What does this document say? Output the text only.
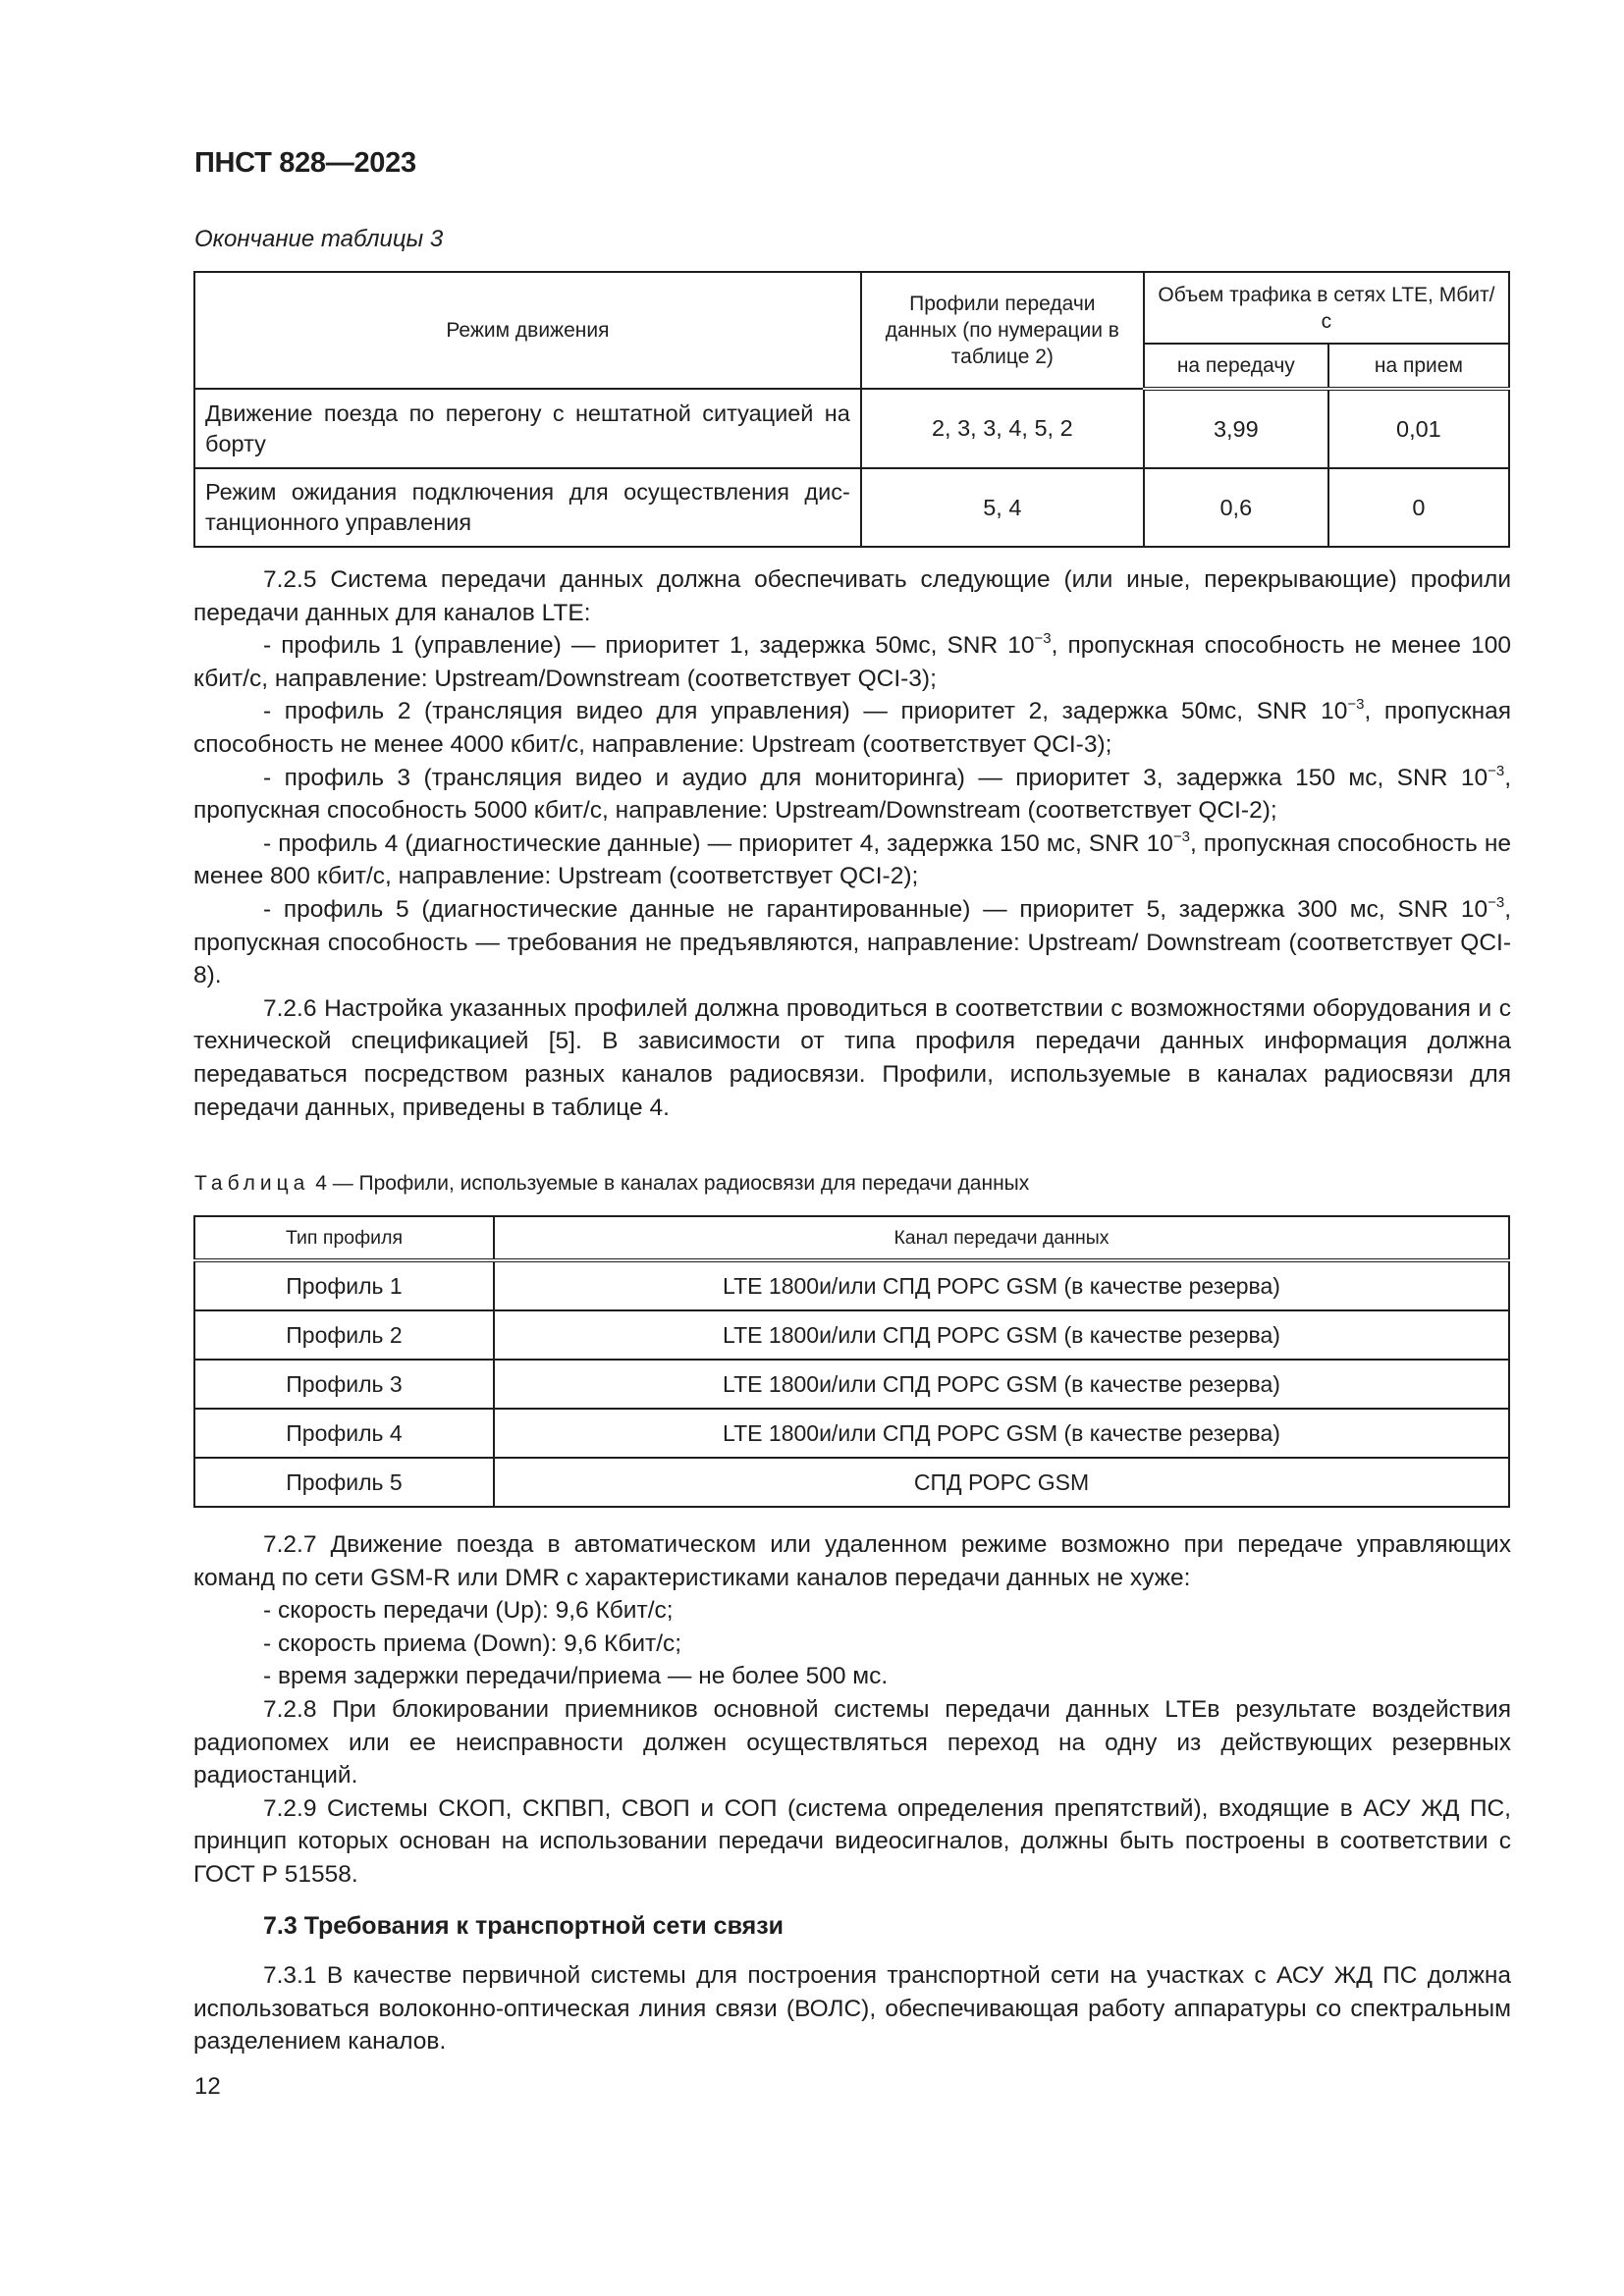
ПНСТ 828—2023
Окончание таблицы 3
Режим движения	Профили передачи данных (по нумерации в таблице 2)	Объем трафика в сетях LTE, Мбит/с	
		на передачу	на прием
Движение поезда по перегону с нештатной ситуацией на борту	2, 3, 3, 4, 5, 2	3,99	0,01
Режим ожидания подключения для осуществления дис-танционного управления	5, 4	0,6	0

7.2.5 Система передачи данных должна обеспечивать следующие (или иные, перекрывающие) профили передачи данных для каналов LTE:

- профиль 1 (управление) — приоритет 1, задержка 50мс, SNR $10^{-3}$, пропускная способность не менее 100 кбит/с, направление: Upstream/Downstream (соответствует QCI-3);

- профиль 2 (трансляция видео для управления) — приоритет 2, задержка 50мс, SNR $10^{-3}$, пропускная способность не менее 4000 кбит/с, направление: Upstream (соответствует QCI-3);

- профиль 3 (трансляция видео и аудио для мониторинга) — приоритет 3, задержка 150 мс, SNR $10^{-3}$, пропускная способность 5000 кбит/с, направление: Upstream/Downstream (соответствует QCI-2);

- профиль 4 (диагностические данные) — приоритет 4, задержка 150 мс, SNR $10^{-3}$, пропускная способность не менее 800 кбит/с, направление: Upstream (соответствует QCI-2);

- профиль 5 (диагностические данные не гарантированные) — приоритет 5, задержка 300 мс, SNR $10^{-3}$, пропускная способность — требования не предъявляются, направление: Upstream/ Downstream (соответствует QCI-8).

7.2.6 Настройка указанных профилей должна проводиться в соответствии с возможностями оборудования и с технической спецификацией [5]. В зависимости от типа профиля передачи данных информация должна передаваться посредством разных каналов радиосвязи. Профили, используемые в каналах радиосвязи для передачи данных, приведены в таблице 4.

Таблица 4 — Профили, используемые в каналах радиосвязи для передачи данных
Тип профиля	Канал передачи данных
Профиль 1	LTE 1800и/или СПД РОРС GSM (в качестве резерва)
Профиль 2	LTE 1800и/или СПД РОРС GSM (в качестве резерва)
Профиль 3	LTE 1800и/или СПД РОРС GSM (в качестве резерва)
Профиль 4	LTE 1800и/или СПД РОРС GSM (в качестве резерва)
Профиль 5	СПД РОРС GSM

7.2.7 Движение поезда в автоматическом или удаленном режиме возможно при передаче управляющих команд по сети GSM-R или DMR с характеристиками каналов передачи данных не хуже:

- скорость передачи (Up): 9,6 Кбит/с;

- скорость приема (Down): 9,6 Кбит/с;

- время задержки передачи/приема — не более 500 мс.

7.2.8 При блокировании приемников основной системы передачи данных LTEв результате воздействия радиопомех или ее неисправности должен осуществляться переход на одну из действующих резервных радиостанций.

7.2.9 Системы СКОП, СКПВП, СВОП и СОП (система определения препятствий), входящие в АСУ ЖД ПС, принцип которых основан на использовании передачи видеосигналов, должны быть построены в соответствии с ГОСТ Р 51558.

7.3 Требования к транспортной сети связи

7.3.1 В качестве первичной системы для построения транспортной сети на участках с АСУ ЖД ПС должна использоваться волоконно-оптическая линия связи (ВОЛС), обеспечивающая работу аппаратуры со спектральным разделением каналов.

12
